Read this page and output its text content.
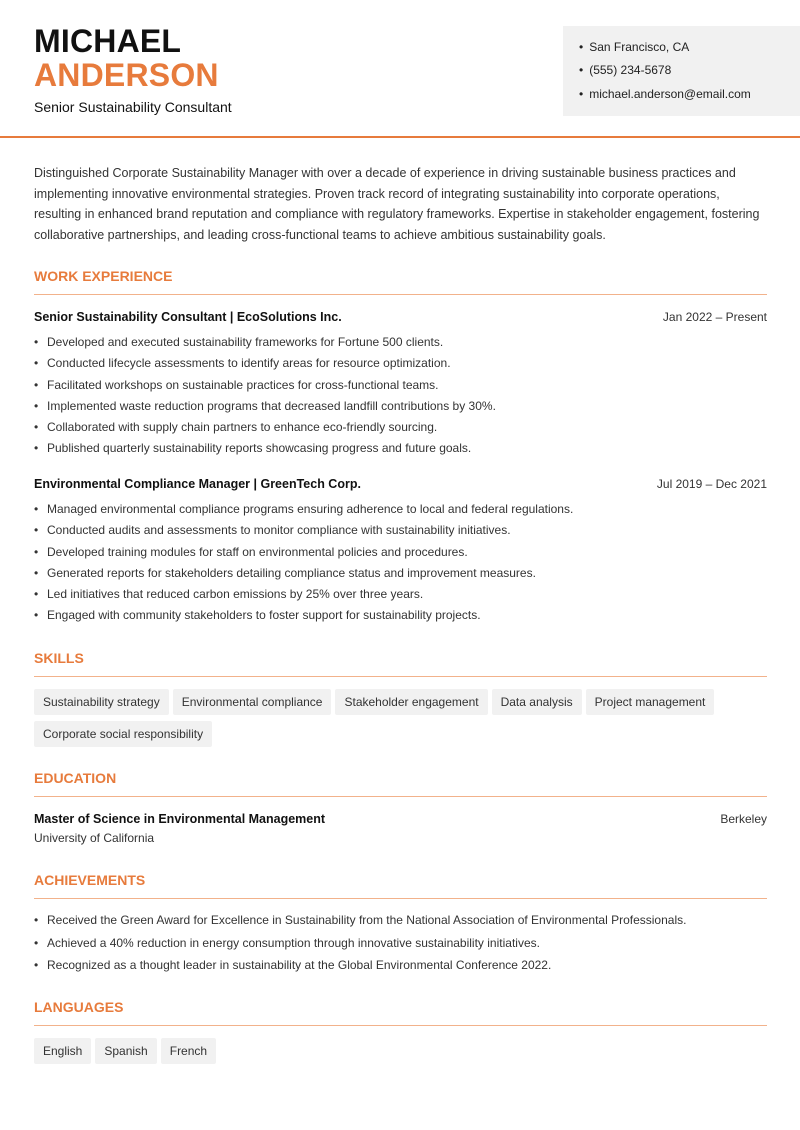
MICHAEL
ANDERSON
Senior Sustainability Consultant
• San Francisco, CA
• (555) 234-5678
• michael.anderson@email.com

Distinguished Corporate Sustainability Manager with over a decade of experience in driving sustainable business practices and implementing innovative environmental strategies. Proven track record of integrating sustainability into corporate operations, resulting in enhanced brand reputation and compliance with regulatory frameworks. Expertise in stakeholder engagement, fostering collaborative partnerships, and leading cross-functional teams to achieve ambitious sustainability goals.

WORK EXPERIENCE
Senior Sustainability Consultant | EcoSolutions Inc.	Jan 2022 – Present
• Developed and executed sustainability frameworks for Fortune 500 clients.
• Conducted lifecycle assessments to identify areas for resource optimization.
• Facilitated workshops on sustainable practices for cross-functional teams.
• Implemented waste reduction programs that decreased landfill contributions by 30%.
• Collaborated with supply chain partners to enhance eco-friendly sourcing.
• Published quarterly sustainability reports showcasing progress and future goals.
Environmental Compliance Manager | GreenTech Corp.	Jul 2019 – Dec 2021
• Managed environmental compliance programs ensuring adherence to local and federal regulations.
• Conducted audits and assessments to monitor compliance with sustainability initiatives.
• Developed training modules for staff on environmental policies and procedures.
• Generated reports for stakeholders detailing compliance status and improvement measures.
• Led initiatives that reduced carbon emissions by 25% over three years.
• Engaged with community stakeholders to foster support for sustainability projects.
SKILLS
Sustainability strategy Environmental compliance Stakeholder engagement Data analysis Project management
Corporate social responsibility
EDUCATION
Master of Science in Environmental Management	Berkeley
University of California
ACHIEVEMENTS
• Received the Green Award for Excellence in Sustainability from the National Association of Environmental Professionals.
• Achieved a 40% reduction in energy consumption through innovative sustainability initiatives.
• Recognized as a thought leader in sustainability at the Global Environmental Conference 2022.
LANGUAGES
English Spanish French
